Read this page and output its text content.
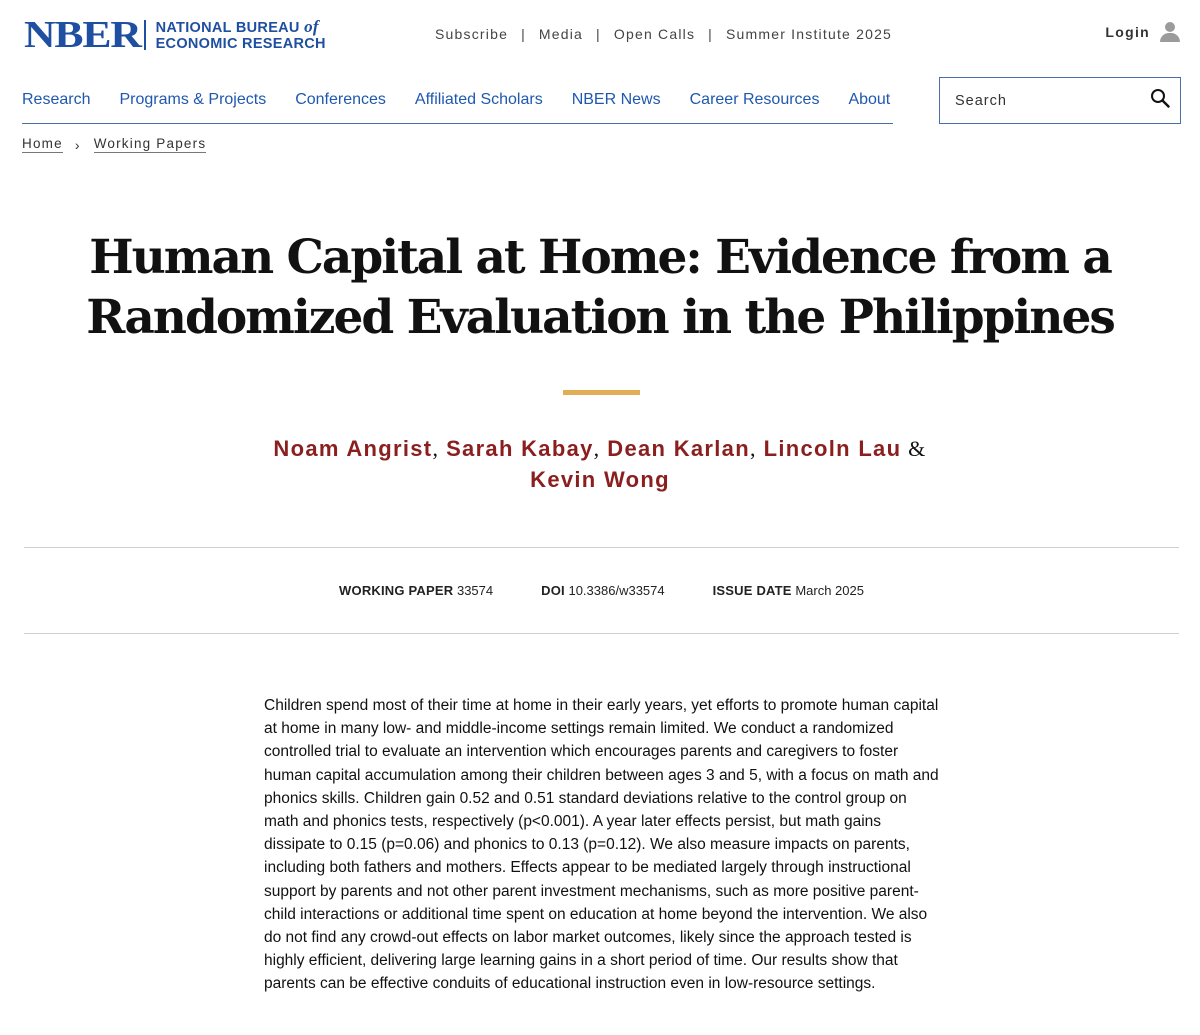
NBER NATIONAL BUREAU of
ECONOMIC RESEARCH
Subscribe | Media | Open Calls | Summer Institute 2025	Login
Research Programs & Projects Conferences Affiliated Scholars NBER News Career Resources About
Search
Home › Working Papers
Human Capital at Home: Evidence from a
Randomized Evaluation in the Philippines
Noam Angrist, Sarah Kabay, Dean Karlan, Lincoln Lau &
Kevin Wong
WORKING PAPER 33574	DOI 10.3386/w33574	ISSUE DATE March 2025

Children spend most of their time at home in their early years, yet efforts to promote human capital at home in many low- and middle-income settings remain limited. We conduct a randomized controlled trial to evaluate an intervention which encourages parents and caregivers to foster human capital accumulation among their children between ages 3 and 5, with a focus on math and phonics skills. Children gain 0.52 and 0.51 standard deviations relative to the control group on math and phonics tests, respectively (p<0.001). A year later effects persist, but math gains dissipate to 0.15 (p=0.06) and phonics to 0.13 (p=0.12). We also measure impacts on parents, including both fathers and mothers. Effects appear to be mediated largely through instructional support by parents and not other parent investment mechanisms, such as more positive parent-child interactions or additional time spent on education at home beyond the intervention. We also do not find any crowd-out effects on labor market outcomes, likely since the approach tested is highly efficient, delivering large learning gains in a short period of time. Our results show that parents can be effective conduits of educational instruction even in low-resource settings.
